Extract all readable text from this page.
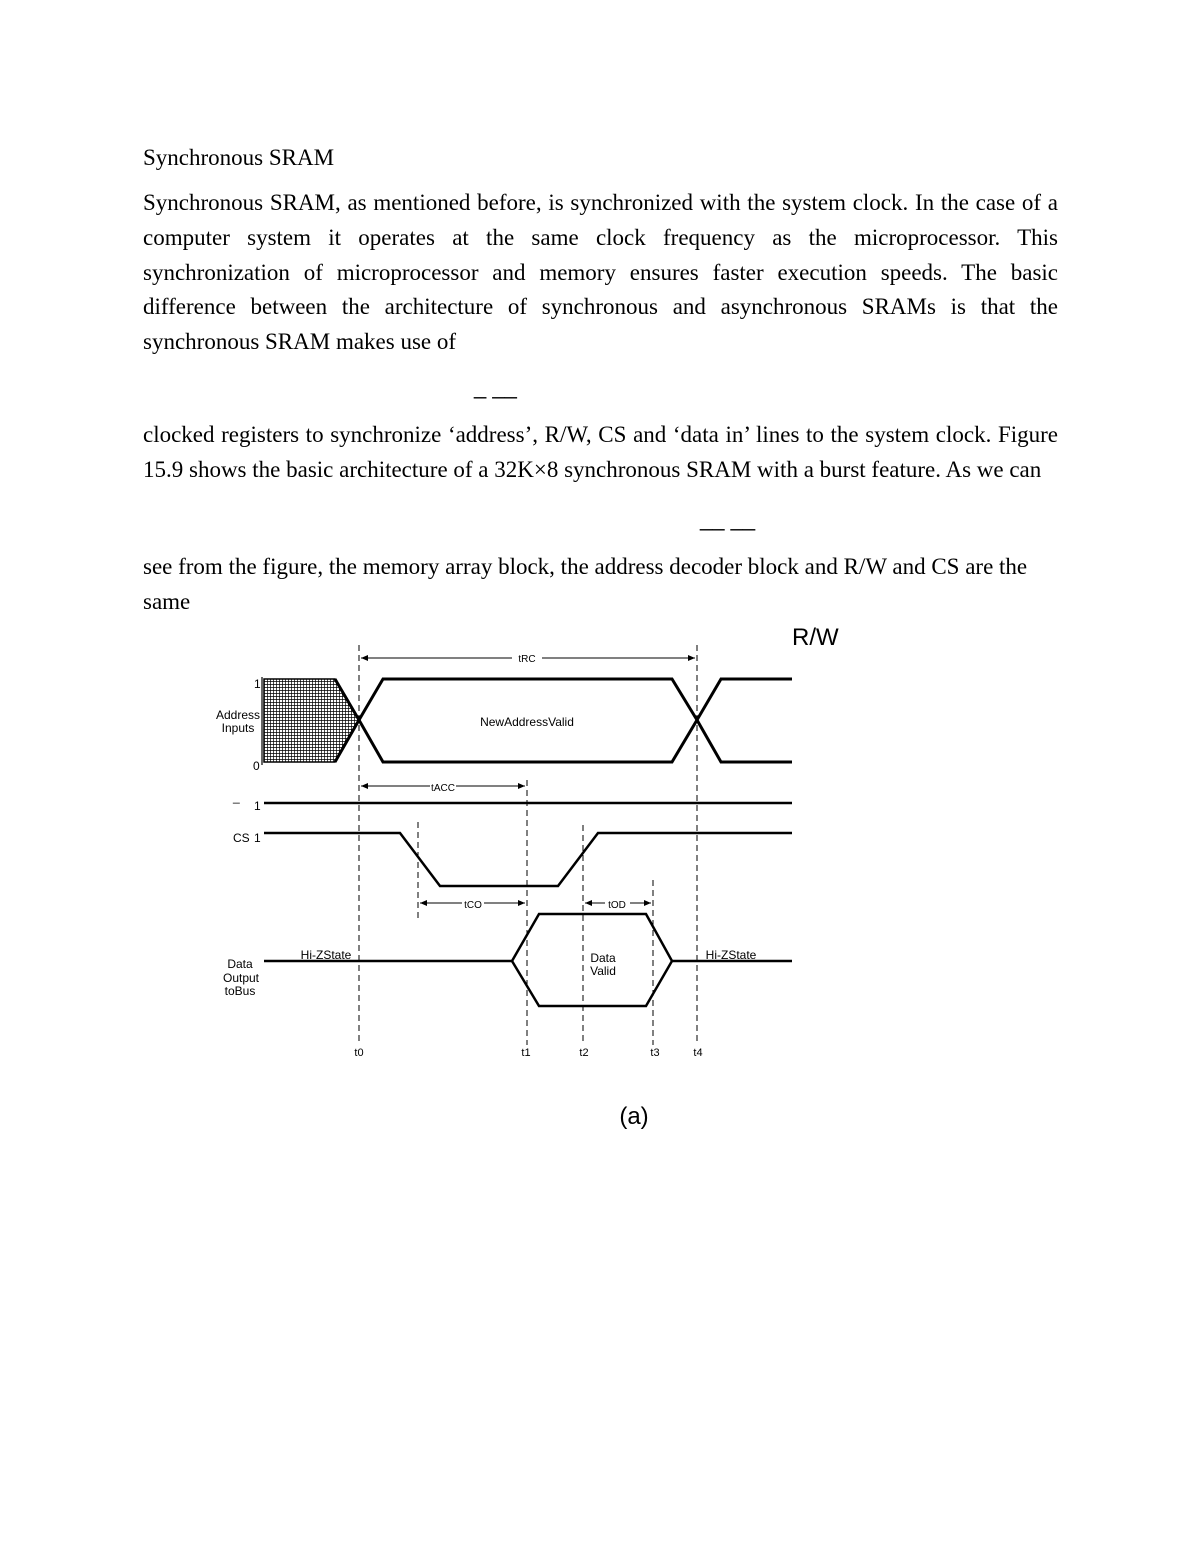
Synchronous SRAM
Synchronous SRAM, as mentioned before, is synchronized with the system clock. In the case of a computer system it operates at the same clock frequency as the microprocessor. This synchronization of microprocessor and memory ensures faster execution speeds. The basic difference between the architecture of synchronous and asynchronous SRAMs is that the synchronous SRAM makes use of
_ __
clocked registers to synchronize ‘address’, R/W, CS and ‘data in’ lines to the system clock. Figure 15.9 shows the basic architecture of a 32K×8 synchronous SRAM with a burst feature. As we can
__ __
see from the figure, the memory array block, the address decoder block and R/W and CS are the same
R/W
tRC
1
0
Address
Inputs	NewAddressValid
tACC
_
1
CS 1
tCO	tOD
Data
Output
toBus
Hi-ZState	Hi-ZState
Data
Valid
t0	t1	t2	t3	t4
(a)
